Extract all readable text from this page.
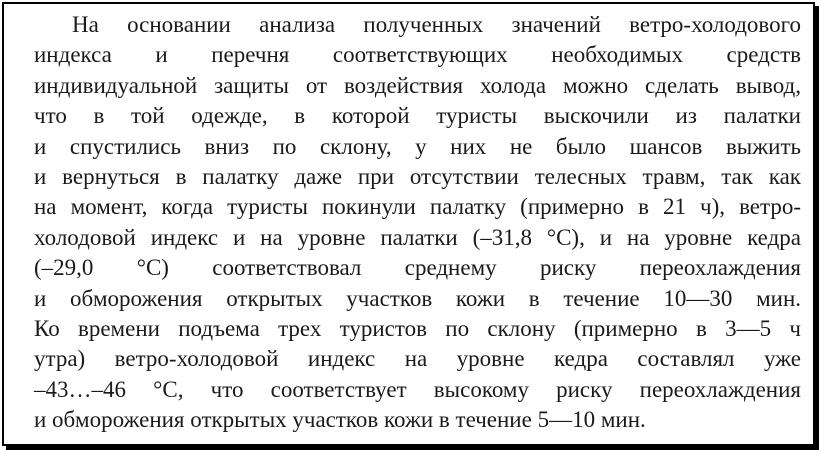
На основании анализа полученных значений ветро-холодового
индекса и перечня соответствующих необходимых средств
индивидуальной защиты от воздействия холода можно сделать вывод,
что в той одежде, в которой туристы выскочили из палатки
и спустились вниз по склону, у них не было шансов выжить
и вернуться в палатку даже при отсутствии телесных травм, так как
на момент, когда туристы покинули палатку (примерно в 21 ч), ветро-
холодовой индекс и на уровне палатки (–31,8 °С), и на уровне кедра
(–29,0 °С) соответствовал среднему риску переохлаждения
и обморожения открытых участков кожи в течение 10—30 мин.
Ко времени подъема трех туристов по склону (примерно в 3—5 ч
утра) ветро-холодовой индекс на уровне кедра составлял уже
–43…–46 °С, что соответствует высокому риску переохлаждения
и обморожения открытых участков кожи в течение 5—10 мин.
